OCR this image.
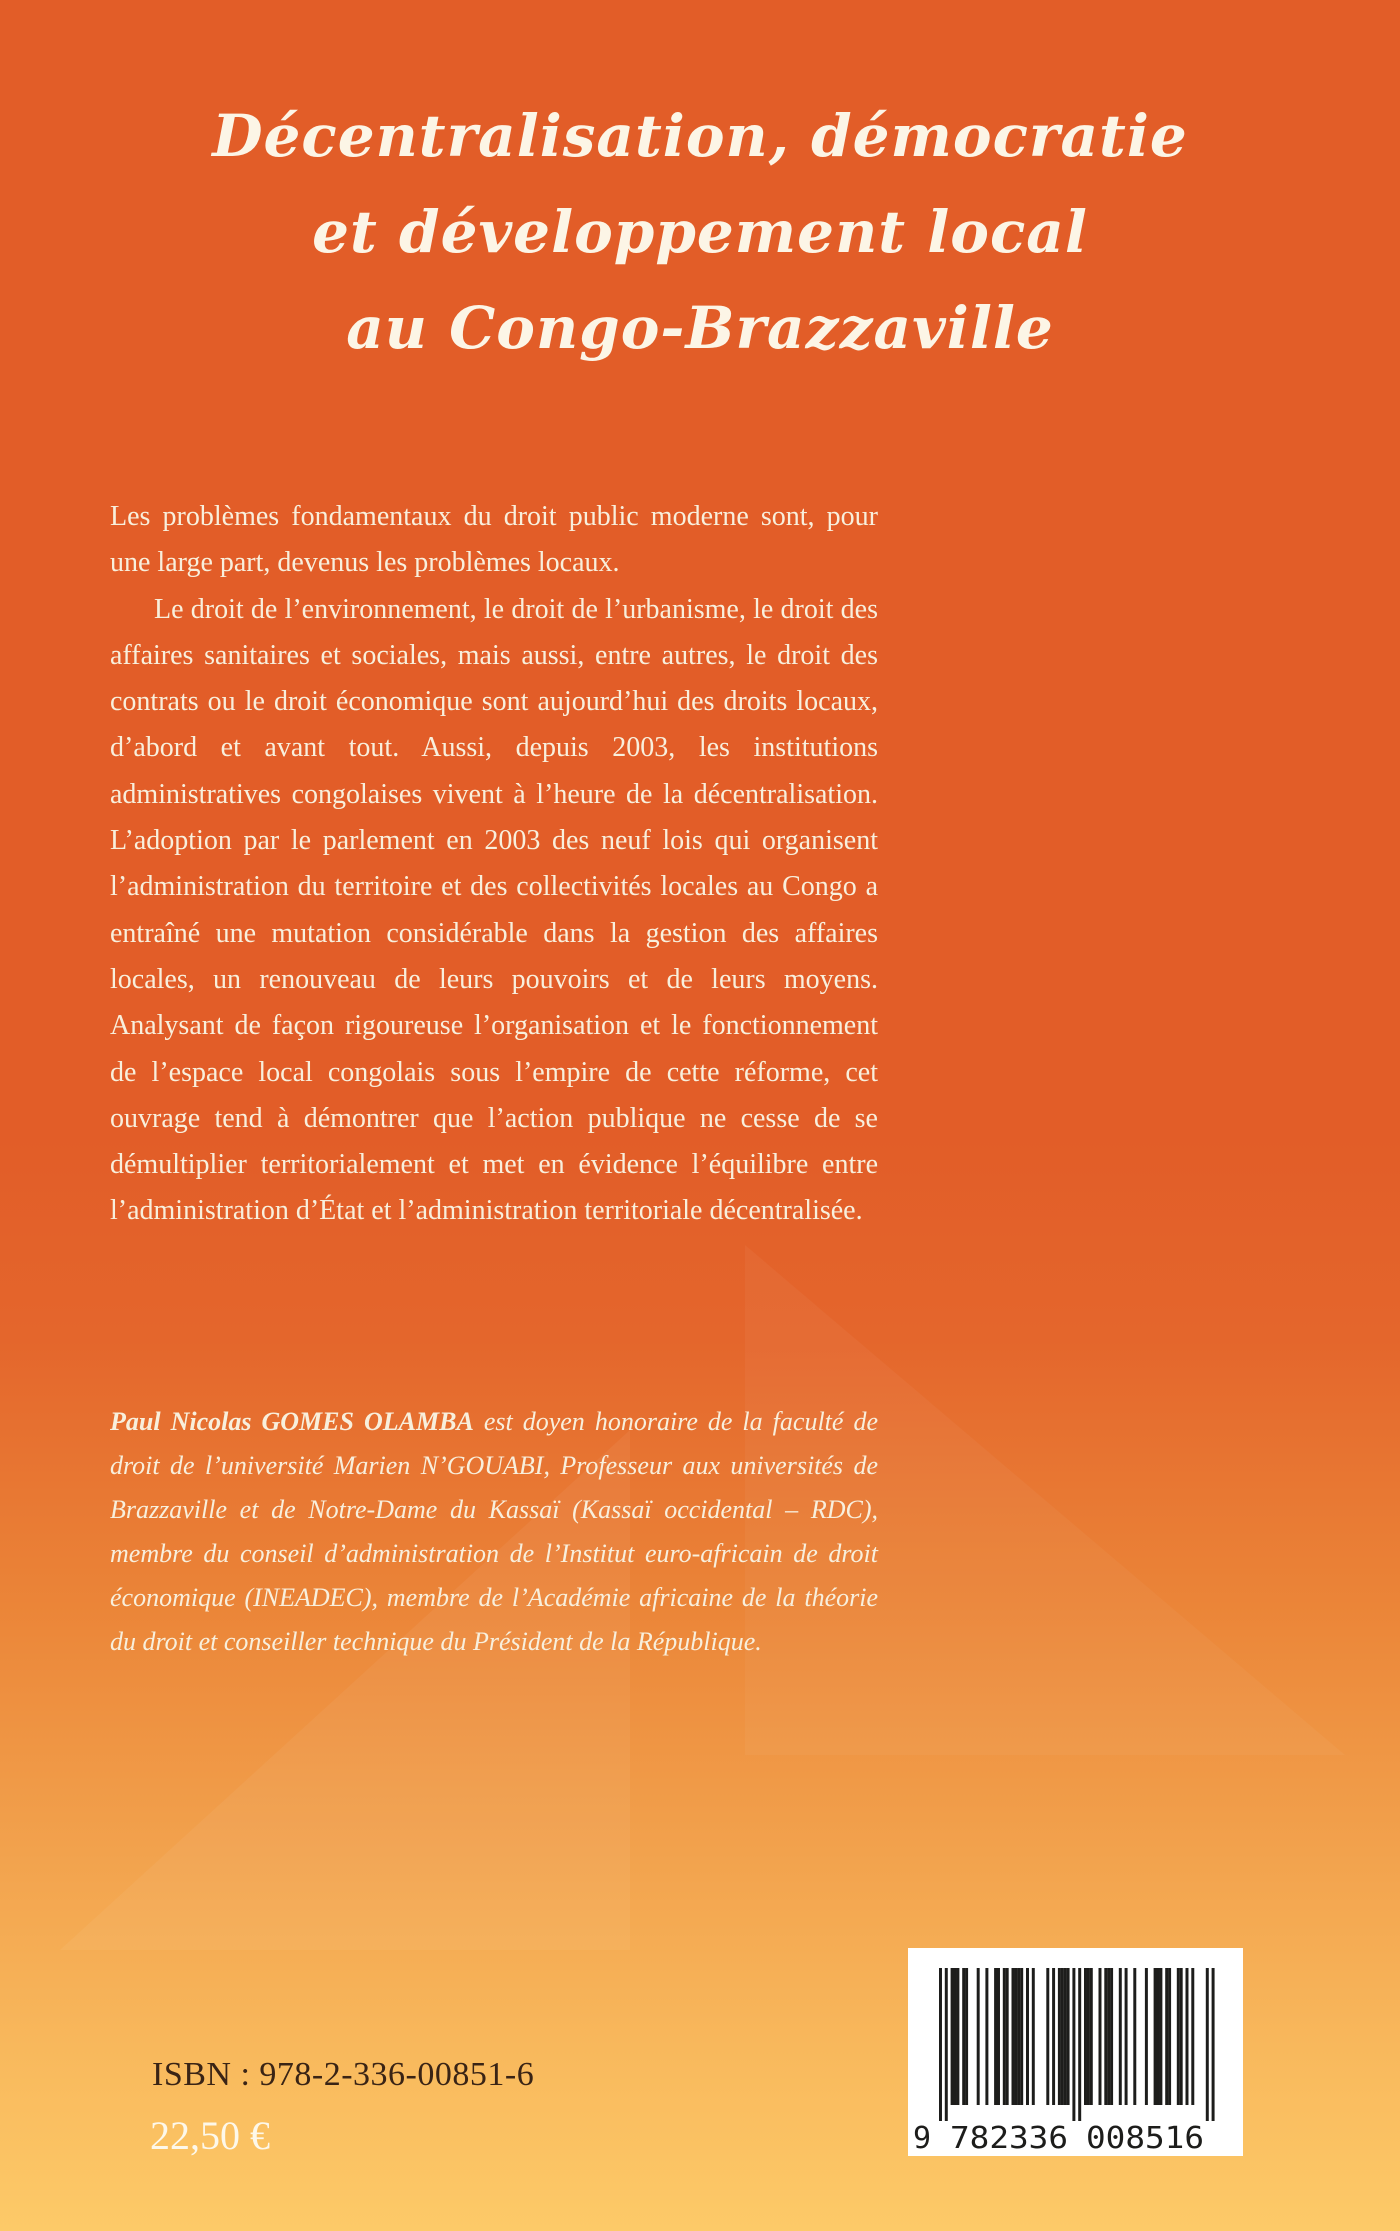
Décentralisation, démocratie
et développement local
au Congo-Brazzaville

Les problèmes fondamentaux du droit public moderne sont, pour une large part, devenus les problèmes locaux.

Le droit de l’environnement, le droit de l’urbanisme, le droit des affaires sanitaires et sociales, mais aussi, entre autres, le droit des contrats ou le droit économique sont aujourd’hui des droits locaux, d’abord et avant tout. Aussi, depuis 2003, les institutions administratives congolaises vivent à l’heure de la décentralisation. L’adoption par le parlement en 2003 des neuf lois qui organisent l’administration du territoire et des collectivités locales au Congo a entraîné une mutation considérable dans la gestion des affaires locales, un renouveau de leurs pouvoirs et de leurs moyens. Analysant de façon rigoureuse l’organisation et le fonctionnement de l’espace local congolais sous l’empire de cette réforme, cet ouvrage tend à démontrer que l’action publique ne cesse de se démultiplier territorialement et met en évidence l’équilibre entre l’administration d’État et l’administration territoriale décentralisée.

Paul Nicolas GOMES OLAMBA est doyen honoraire de la faculté de droit de l’université Marien N’GOUABI, Professeur aux universités de Brazzaville et de Notre-Dame du Kassaï (Kassaï occidental – RDC), membre du conseil d’administration de l’Institut euro-africain de droit économique (INEADEC), membre de l’Académie africaine de la théorie du droit et conseiller technique du Président de la République.
ISBN : 978-2-336-00851-6
22,50 €	9 782336 008516
